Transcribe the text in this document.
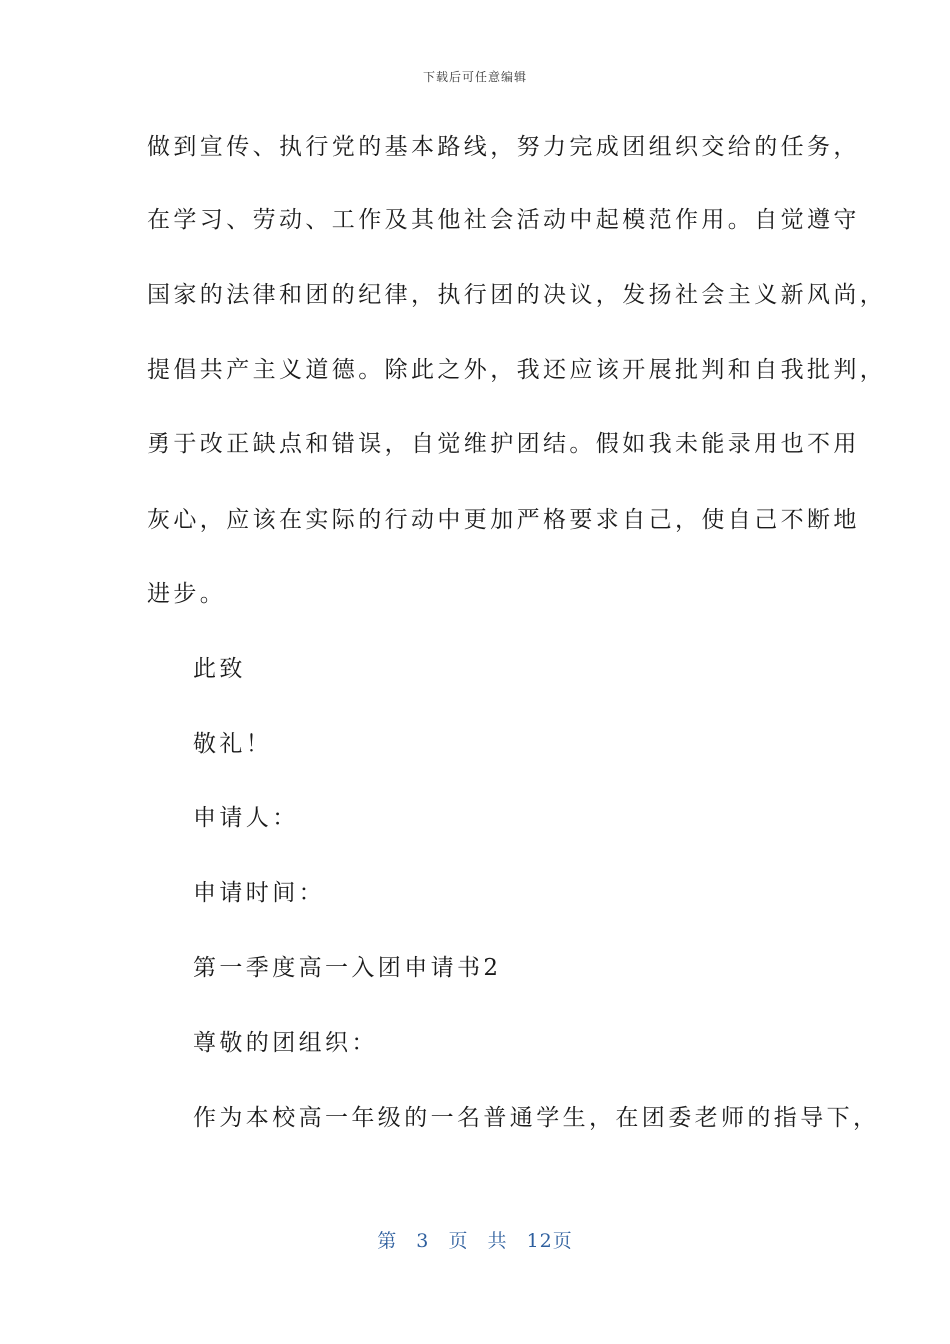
下载后可任意编辑
做到宣传、执行党的基本路线，努力完成团组织交给的任务，
在学习、劳动、工作及其他社会活动中起模范作用。自觉遵守
国家的法律和团的纪律，执行团的决议，发扬社会主义新风尚，
提倡共产主义道德。除此之外，我还应该开展批判和自我批判，
勇于改正缺点和错误，自觉维护团结。假如我未能录用也不用
灰心，应该在实际的行动中更加严格要求自己，使自己不断地
进步。
此致
敬礼！
申请人：
申请时间：
第一季度高一入团申请书2
尊敬的团组织：
作为本校高一年级的一名普通学生，在团委老师的指导下，
第 3 页 共 12页
